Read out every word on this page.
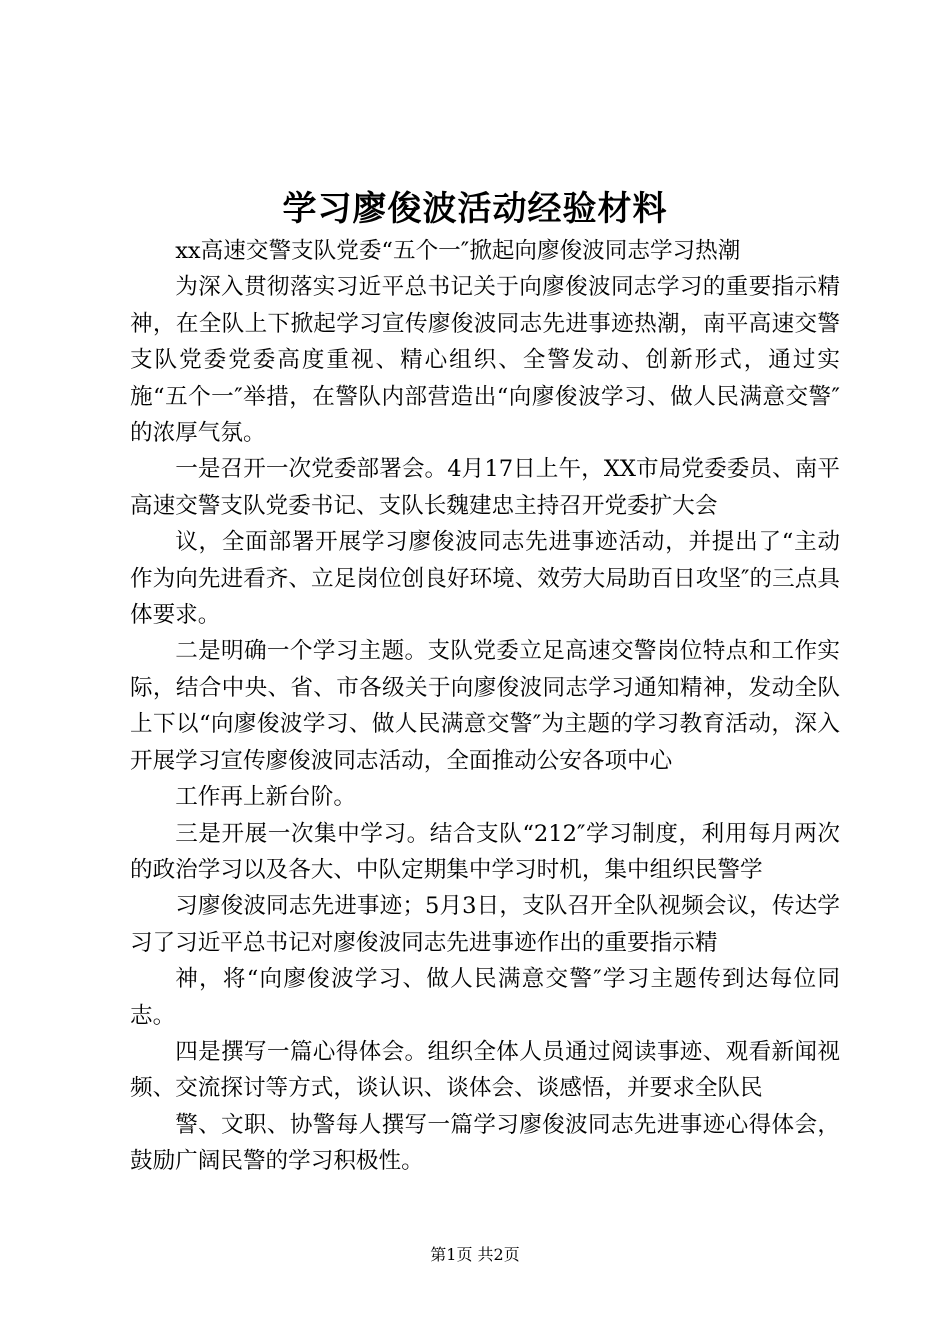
学习廖俊波活动经验材料

xx高速交警支队党委“五个一″掀起向廖俊波同志学习热潮

为深入贯彻落实习近平总书记关于向廖俊波同志学习的重要指示精神，在全队上下掀起学习宣传廖俊波同志先进事迹热潮，南平高速交警支队党委党委高度重视、精心组织、全警发动、创新形式，通过实施“五个一″举措，在警队内部营造出“向廖俊波学习、做人民满意交警″的浓厚气氛。

一是召开一次党委部署会。4月17日上午，XX市局党委委员、南平高速交警支队党委书记、支队长魏建忠主持召开党委扩大会

议，全面部署开展学习廖俊波同志先进事迹活动，并提出了“主动作为向先进看齐、立足岗位创良好环境、效劳大局助百日攻坚″的三点具体要求。

二是明确一个学习主题。支队党委立足高速交警岗位特点和工作实际，结合中央、省、市各级关于向廖俊波同志学习通知精神，发动全队上下以“向廖俊波学习、做人民满意交警″为主题的学习教育活动，深入开展学习宣传廖俊波同志活动，全面推动公安各项中心

工作再上新台阶。

三是开展一次集中学习。结合支队“212″学习制度，利用每月两次的政治学习以及各大、中队定期集中学习时机，集中组织民警学

习廖俊波同志先进事迹；5月3日，支队召开全队视频会议，传达学习了习近平总书记对廖俊波同志先进事迹作出的重要指示精

神，将“向廖俊波学习、做人民满意交警″学习主题传到达每位同志。

四是撰写一篇心得体会。组织全体人员通过阅读事迹、观看新闻视频、交流探讨等方式，谈认识、谈体会、谈感悟，并要求全队民

警、文职、协警每人撰写一篇学习廖俊波同志先进事迹心得体会，鼓励广阔民警的学习积极性。

第1页 共2页
